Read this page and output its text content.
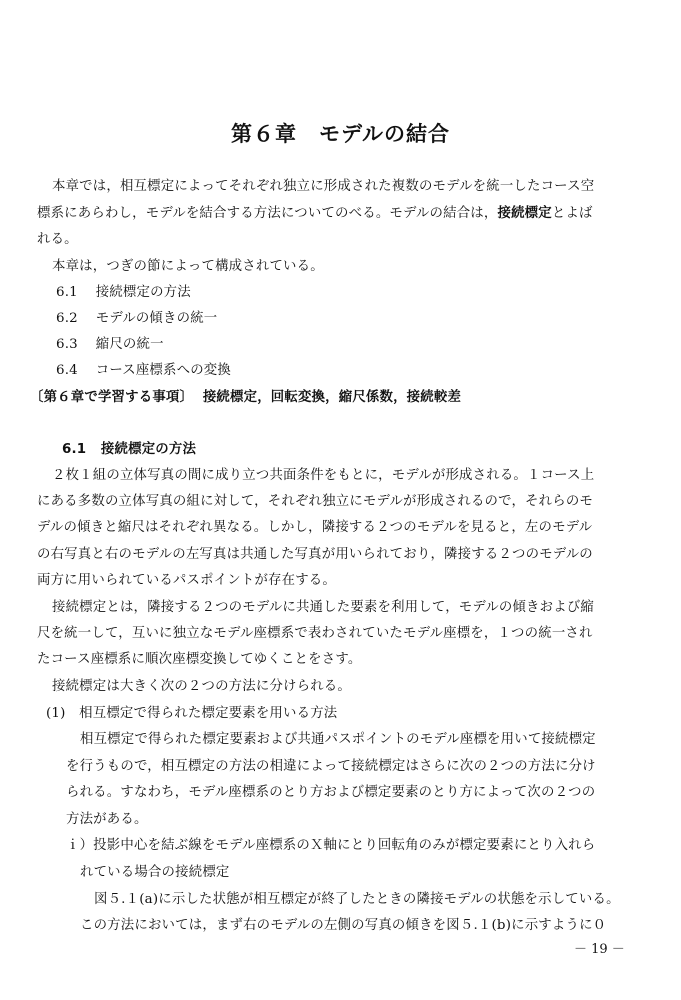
第６章　モデルの結合
本章では，相互標定によってそれぞれ独立に形成された複数のモデルを統一したコース空
標系にあらわし，モデルを結合する方法についてのべる。モデルの結合は，接続標定とよば
れる。
本章は，つぎの節によって構成されている。
6.1 接続標定の方法
6.2 モデルの傾きの統一
6.3 縮尺の統一
6.4 コース座標系への変換
〔第６章で学習する事項〕 接続標定，回転変換，縮尺係数，接続較差
6.1 接続標定の方法
２枚１組の立体写真の間に成り立つ共面条件をもとに，モデルが形成される。１コース上
にある多数の立体写真の組に対して，それぞれ独立にモデルが形成されるので，それらのモ
デルの傾きと縮尺はそれぞれ異なる。しかし，隣接する２つのモデルを見ると，左のモデル
の右写真と右のモデルの左写真は共通した写真が用いられており，隣接する２つのモデルの
両方に用いられているパスポイントが存在する。
接続標定とは，隣接する２つのモデルに共通した要素を利用して，モデルの傾きおよび縮
尺を統一して，互いに独立なモデル座標系で表わされていたモデル座標を，１つの統一され
たコース座標系に順次座標変換してゆくことをさす。
接続標定は大きく次の２つの方法に分けられる。
(1)　相互標定で得られた標定要素を用いる方法
相互標定で得られた標定要素および共通パスポイントのモデル座標を用いて接続標定
を行うもので，相互標定の方法の相違によって接続標定はさらに次の２つの方法に分け
られる。すなわち，モデル座標系のとり方および標定要素のとり方によって次の２つの
方法がある。
ｉ）投影中心を結ぶ線をモデル座標系のＸ軸にとり回転角のみが標定要素にとり入れら
れている場合の接続標定
図５.１(a)に示した状態が相互標定が終了したときの隣接モデルの状態を示している。
この方法においては，まず右のモデルの左側の写真の傾きを図５.１(b)に示すように０
－ 19 －
